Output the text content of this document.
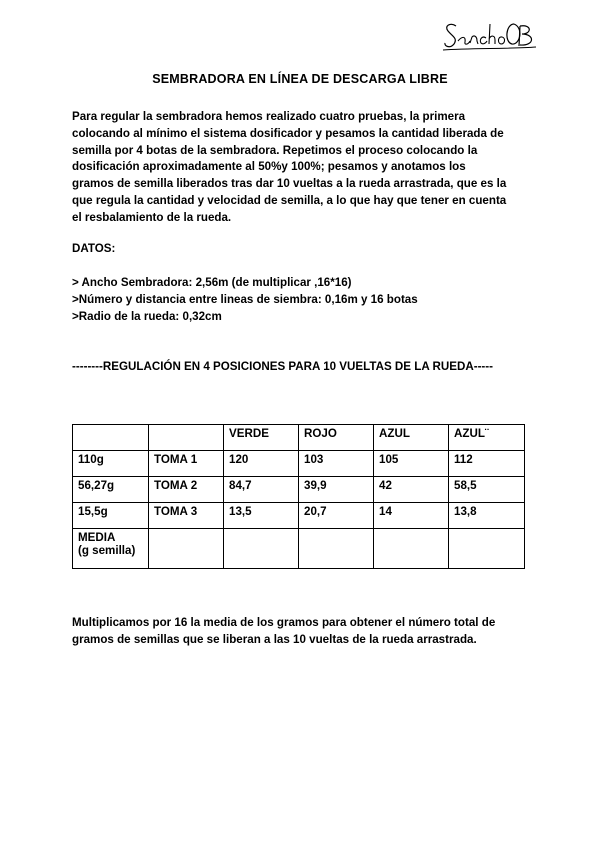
SEMBRADORA EN LÍNEA DE DESCARGA LIBRE

Para regular la sembradora hemos realizado cuatro pruebas, la primera
colocando al mínimo el sistema dosificador y pesamos la cantidad liberada de
semilla por 4 botas de la sembradora. Repetimos el proceso colocando la
dosificación aproximadamente al 50%y 100%; pesamos y anotamos los
gramos de semilla liberados tras dar 10 vueltas a la rueda arrastrada, que es la
que regula la cantidad y velocidad de semilla, a lo que hay que tener en cuenta
el resbalamiento de la rueda.

DATOS:

> Ancho Sembradora: 2,56m (de multiplicar ,16*16)
>Número y distancia entre lineas de siembra: 0,16m y 16 botas
>Radio de la rueda: 0,32cm

--------REGULACIÓN EN 4 POSICIONES PARA 10 VUELTAS DE LA RUEDA-----

		VERDE	ROJO	AZUL	AZUL¨
110g	TOMA 1	120	103	105	112
56,27g	TOMA 2	84,7	39,9	42	58,5
15,5g	TOMA 3	13,5	20,7	14	13,8
MEDIA
(g semilla)					

Multiplicamos por 16 la media de los gramos para obtener el número total de
gramos de semillas que se liberan a las 10 vueltas de la rueda arrastrada.
